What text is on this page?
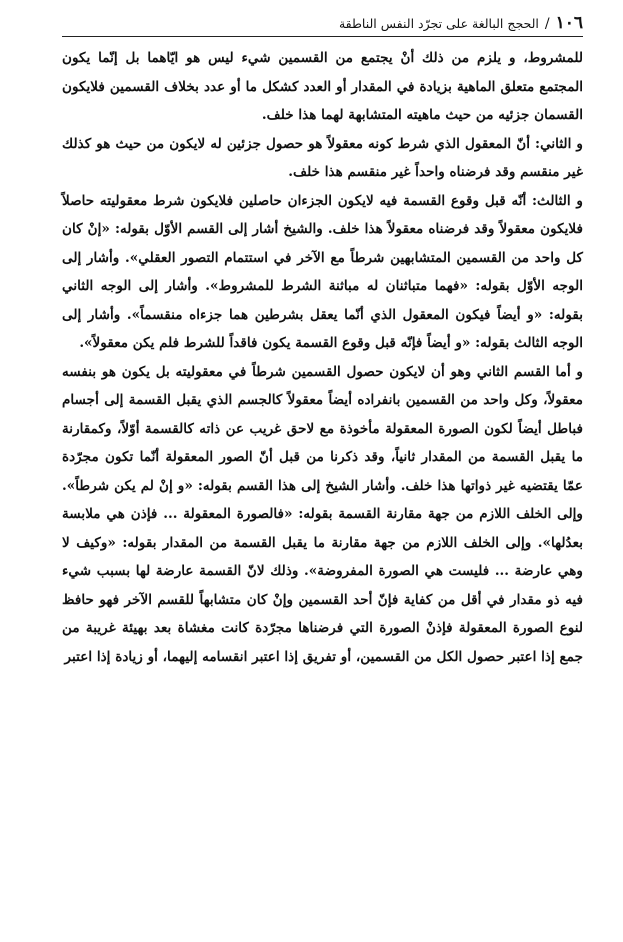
١٠٦
/
الحجج البالغة على تجرّد النفس الناطقة

للمشروط، و يلزم من ذلك أنْ يجتمع من القسمين شيء ليس هو ايّاهما بل إنّما يكون المجتمع متعلق الماهية بزيادة في المقدار أو العدد كشكل ما أو عدد بخلاف القسمين فلايكون القسمان جزئيه من حيث ماهيته المتشابهة لهما هذا خلف.

و الثاني: أنّ المعقول الذي شرط كونه معقولاً هو حصول جزئين له لايكون من حيث هو كذلك غير منقسم وقد فرضناه واحداً غير منقسم هذا خلف.

و الثالث: أنّه قبل وقوع القسمة فيه لايكون الجزءان حاصلين فلايكون شرط معقوليته حاصلاً فلايكون معقولاً وقد فرضناه معقولاً هذا خلف. والشيخ أشار إلى القسم الأوّل بقوله: «إنْ كان كل واحد من القسمين المتشابهين شرطاً مع الآخر في استتمام التصور العقلي». وأشار إلى الوجه الأوّل بقوله: «فهما متباثنان له مباثنة الشرط للمشروط». وأشار إلى الوجه الثاني بقوله: «و أيضاً فيكون المعقول الذي أنّما يعقل بشرطين هما جزءاه منقسماً». وأشار إلى الوجه الثالث بقوله: «و أيضاً فإنّه قبل وقوع القسمة يكون فاقداً للشرط فلم يكن معقولاً».

و أما القسم الثاني وهو أن لايكون حصول القسمين شرطاً في معقوليته بل يكون هو بنفسه معقولاً، وكل واحد من القسمين بانفراده أيضاً معقولاً كالجسم الذي يقبل القسمة إلى أجسام فباطل أيضاً لكون الصورة المعقولة مأخوذة مع لاحق غريب عن ذاته كالقسمة أوّلاً، وكمقارنة ما يقبل القسمة من المقدار ثانياً، وقد ذكرنا من قبل أنّ الصور المعقولة أنّما تكون مجرّدة عمّا يقتضيه غير ذواتها هذا خلف. وأشار الشيخ إلى هذا القسم بقوله: «و إنْ لم يكن شرطاً». وإلى الخلف اللازم من جهة مقارنة القسمة بقوله: «فالصورة المعقولة ... فإذن هي ملابسة بعدُلها». وإلى الخلف اللازم من جهة مقارنة ما يقبل القسمة من المقدار بقوله: «وكيف لا وهي عارضة ... فليست هي الصورة المفروضة». وذلك لانّ القسمة عارضة لها بسبب شيء فيه ذو مقدار في أقل من كفاية فإنّ أحد القسمين وإنْ كان متشابهاً للقسم الآخر فهو حافظ لنوع الصورة المعقولة فإذنْ الصورة التي فرضناها مجرّدة كانت مغشاة بعد بهيئة غريبة من جمع إذا اعتبر حصول الكل من القسمين، أو تفريق إذا اعتبر انقسامه إليهما، أو زيادة إذا اعتبر
